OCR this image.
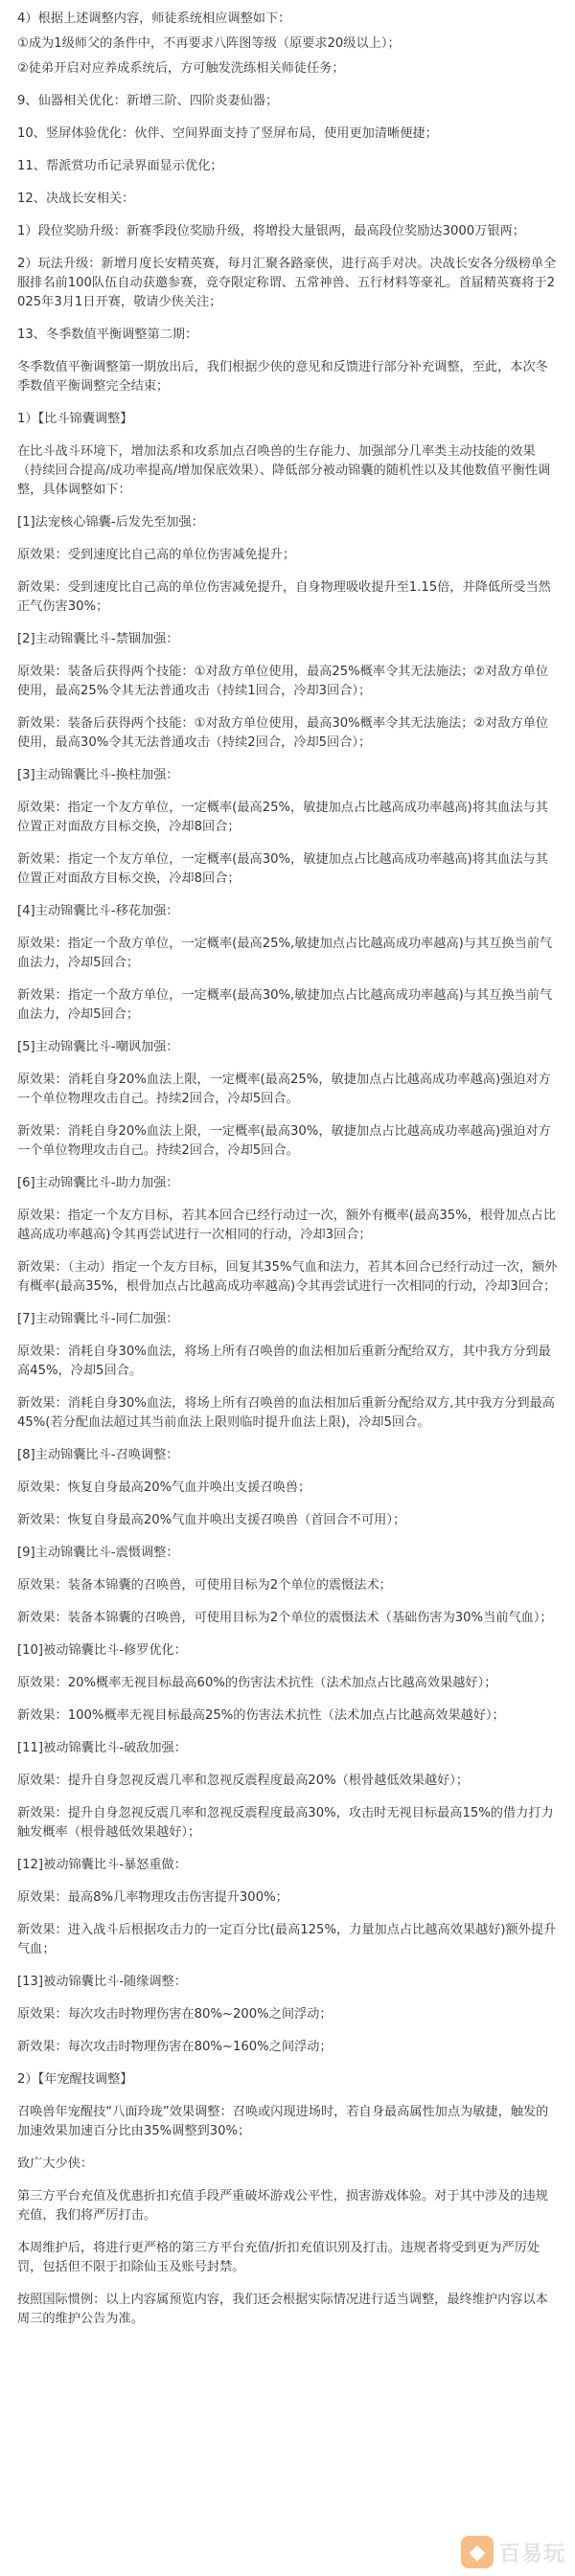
4）根据上述调整内容，师徒系统相应调整如下：

①成为1级师父的条件中，不再要求八阵图等级（原要求20级以上）；

②徒弟开启对应养成系统后，方可触发洗练相关师徒任务；

9、仙器相关优化：新增三阶、四阶炎妻仙器；

10、竖屏体验优化：伙伴、空间界面支持了竖屏布局，使用更加清晰便捷；

11、帮派赏功币记录界面显示优化；

12、决战长安相关：

1）段位奖励升级：新赛季段位奖励升级，将增投大量银两，最高段位奖励达3000万银两；

2）玩法升级：新增月度长安精英赛，每月汇聚各路豪侠，进行高手对决。决战长安各分级榜单全服排名前100队伍自动获邀参赛，竞夺限定称谓、五常神兽、五行材料等豪礼。首届精英赛将于2025年3月1日开赛，敬请少侠关注；

13、冬季数值平衡调整第二期：

冬季数值平衡调整第一期放出后，我们根据少侠的意见和反馈进行部分补充调整，至此，本次冬季数值平衡调整完全结束；

1）【比斗锦囊调整】

在比斗战斗环境下，增加法系和攻系加点召唤兽的生存能力、加强部分几率类主动技能的效果（持续回合提高/成功率提高/增加保底效果）、降低部分被动锦囊的随机性以及其他数值平衡性调整，具体调整如下：

[1]法宠核心锦囊-后发先至加强：

原效果：受到速度比自己高的单位伤害减免提升；

新效果：受到速度比自己高的单位伤害减免提升，自身物理吸收提升至1.15倍，并降低所受当然正气伤害30%；

[2]主动锦囊比斗-禁锢加强：

原效果：装备后获得两个技能：①对敌方单位使用，最高25%概率令其无法施法；②对敌方单位使用，最高25%令其无法普通攻击（持续1回合，冷却3回合）；

新效果：装备后获得两个技能：①对敌方单位使用，最高30%概率令其无法施法；②对敌方单位使用，最高30%令其无法普通攻击（持续2回合，冷却5回合）；

[3]主动锦囊比斗-换柱加强：

原效果：指定一个友方单位，一定概率(最高25%，敏捷加点占比越高成功率越高)将其血法与其位置正对面敌方目标交换，冷却8回合；

新效果：指定一个友方单位，一定概率(最高30%，敏捷加点占比越高成功率越高)将其血法与其位置正对面敌方目标交换，冷却8回合；

[4]主动锦囊比斗-移花加强：

原效果：指定一个敌方单位，一定概率(最高25%,敏捷加点占比越高成功率越高)与其互换当前气血法力，冷却5回合；

新效果：指定一个敌方单位，一定概率(最高30%,敏捷加点占比越高成功率越高)与其互换当前气血法力，冷却5回合；

[5]主动锦囊比斗-嘲讽加强：

原效果：消耗自身20%血法上限，一定概率(最高25%，敏捷加点占比越高成功率越高)强迫对方一个单位物理攻击自己。持续2回合，冷却5回合。

新效果：消耗自身20%血法上限，一定概率(最高30%，敏捷加点占比越高成功率越高)强迫对方一个单位物理攻击自己。持续2回合，冷却5回合。

[6]主动锦囊比斗-助力加强：

原效果：指定一个友方目标，若其本回合已经行动过一次，额外有概率(最高35%，根骨加点占比越高成功率越高)令其再尝试进行一次相同的行动，冷却3回合；

新效果：（主动）指定一个友方目标，回复其35%气血和法力，若其本回合已经行动过一次，额外有概率(最高35%，根骨加点占比越高成功率越高)令其再尝试进行一次相同的行动，冷却3回合；

[7]主动锦囊比斗-同仁加强：

原效果：消耗自身30%血法，将场上所有召唤兽的血法相加后重新分配给双方，其中我方分到最高45%，冷却5回合。

新效果：消耗自身30%血法，将场上所有召唤兽的血法相加后重新分配给双方,其中我方分到最高45%(若分配血法超过其当前血法上限则临时提升血法上限)，冷却5回合。

[8]主动锦囊比斗-召唤调整：

原效果：恢复自身最高20%气血并唤出支援召唤兽；

新效果：恢复自身最高20%气血并唤出支援召唤兽（首回合不可用）；

[9]主动锦囊比斗-震慑调整：

原效果：装备本锦囊的召唤兽，可使用目标为2个单位的震慑法术；

新效果：装备本锦囊的召唤兽，可使用目标为2个单位的震慑法术（基础伤害为30%当前气血）；

[10]被动锦囊比斗-修罗优化：

原效果：20%概率无视目标最高60%的伤害法术抗性（法术加点占比越高效果越好）；

新效果：100%概率无视目标最高25%的伤害法术抗性（法术加点占比越高效果越好）；

[11]被动锦囊比斗-破敌加强：

原效果：提升自身忽视反震几率和忽视反震程度最高20%（根骨越低效果越好）；

新效果：提升自身忽视反震几率和忽视反震程度最高30%，攻击时无视目标最高15%的借力打力触发概率（根骨越低效果越好）；

[12]被动锦囊比斗-暴怒重做：

原效果：最高8%几率物理攻击伤害提升300%；

新效果：进入战斗后根据攻击力的一定百分比(最高125%，力量加点占比越高效果越好)额外提升气血；

[13]被动锦囊比斗-随缘调整：

原效果：每次攻击时物理伤害在80%~200%之间浮动；

新效果：每次攻击时物理伤害在80%~160%之间浮动；

2）【年宠醒技调整】

召唤兽年宠醒技“八面玲珑”效果调整：召唤或闪现进场时，若自身最高属性加点为敏捷，触发的加速效果加速百分比由35%调整到30%；

致广大少侠：

第三方平台充值及优惠折扣充值手段严重破坏游戏公平性，损害游戏体验。对于其中涉及的违规充值，我们将严厉打击。

本周维护后，将进行更严格的第三方平台充值/折扣充值识别及打击。违规者将受到更为严厉处罚，包括但不限于扣除仙玉及账号封禁。

按照国际惯例：以上内容属预览内容，我们还会根据实际情况进行适当调整，最终维护内容以本周三的维护公告为准。

◆ 百易玩
